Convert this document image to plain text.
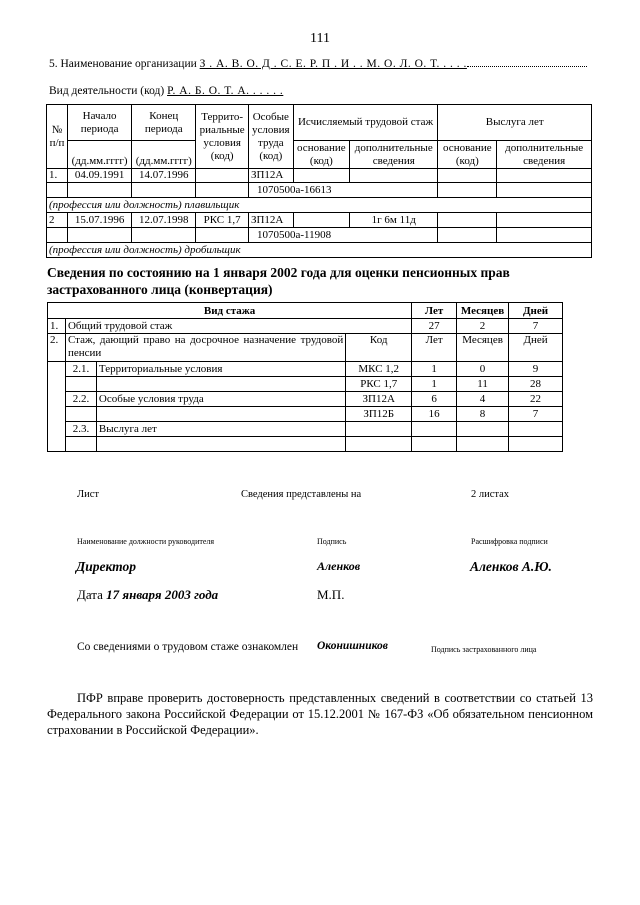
111
5. Наименование организации З . А. В. О. Д . С. Е. Р. П . И . . М. О. Л. О. Т. . . . .
Вид деятельности (код) Р. А. Б. О. Т. А. . . . . .
№ п/п	Начало периода	Конец периода	Террито- риальные условия (код)	Особые условия труда (код)	Исчисляемый трудовой стаж		Выслуга лет	
	(дд.мм.гггг)	(дд.мм.гггг)			основание (код)	дополнительные сведения	основание (код)	дополнительные сведения
1.	04.09.1991	14.07.1996		ЗП12А				
				1070500а-16613				
(профессия или должность) плавильщик								
2	15.07.1996	12.07.1998	РКС 1,7	ЗП12А		1г 6м 11д		
				1070500а-11908				
(профессия или должность) дробильщик								
Сведения по состоянию на 1 января 2002 года для оценки пенсионных прав застрахованного лица (конвертация)
Вид стажа				Лет	Месяцев	Дней
1.	Общий трудовой стаж			27	2	7
2.	Стаж, дающий право на досрочное назначение трудовой пенсии		Код	Лет	Месяцев	Дней
	2.1.	Территориальные условия	МКС 1,2	1	0	9
			РКС 1,7	1	11	28
	2.2.	Особые условия труда	ЗП12А	6	4	22
			ЗП12Б	16	8	7
	2.3.	Выслуга лет				

Лист	Сведения представлены на	2 листах
Наименование должности руководителя	Подпись	Расшифровка подписи
Директор	Аленков	Аленков А.Ю.
Дата 17 января 2003 года	М.П.
Со сведениями о трудовом стаже ознакомлен Оконишников	Подпись застрахованного лица
ПФР вправе проверить достоверность представленных сведений в соответствии со статьей 13 Федерального закона Российской Федерации от 15.12.2001 № 167-ФЗ «Об обязательном пенсионном страховании в Российской Федерации».
